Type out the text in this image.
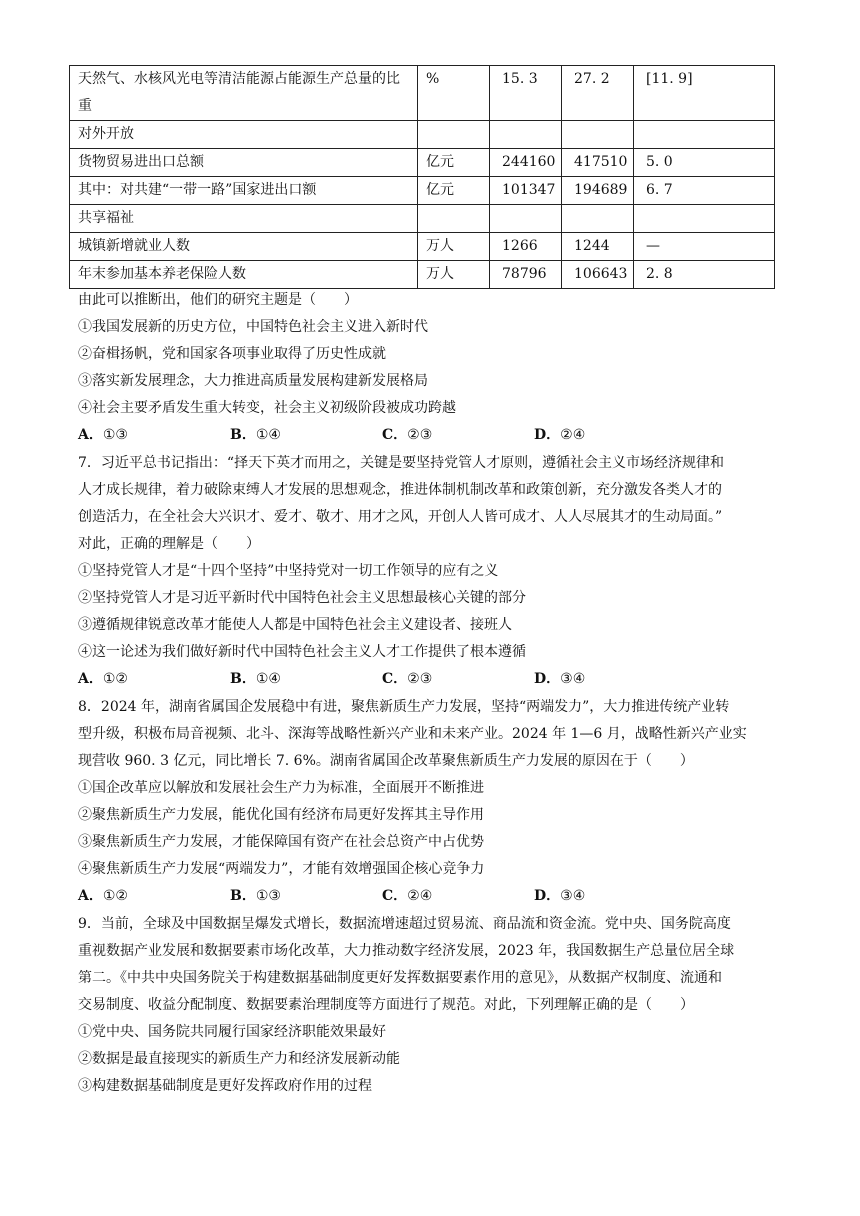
天然气、水核风光电等清洁能源占能源生产总量的比重	%	15. 3	27. 2	[11. 9]
对外开放				
货物贸易进出口总额	亿元	244160	417510	5. 0
其中：对共建“一带一路”国家进出口额	亿元	101347	194689	6. 7
共享福祉				
城镇新增就业人数	万人	1266	1244	—
年末参加基本养老保险人数	万人	78796	106643	2. 8
由此可以推断出，他们的研究主题是（　　）
①我国发展新的历史方位，中国特色社会主义进入新时代
②奋楫扬帆，党和国家各项事业取得了历史性成就
③落实新发展理念，大力推进高质量发展构建新发展格局
④社会主要矛盾发生重大转变，社会主义初级阶段被成功跨越
A．①③	B．①④	C．②③	D．②④
7．习近平总书记指出：“择天下英才而用之，关键是要坚持党管人才原则，遵循社会主义市场经济规律和
人才成长规律，着力破除束缚人才发展的思想观念，推进体制机制改革和政策创新，充分激发各类人才的
创造活力，在全社会大兴识才、爱才、敬才、用才之风，开创人人皆可成才、人人尽展其才的生动局面。”
对此，正确的理解是（　　）
①坚持党管人才是“十四个坚持”中坚持党对一切工作领导的应有之义
②坚持党管人才是习近平新时代中国特色社会主义思想最核心关键的部分
③遵循规律锐意改革才能使人人都是中国特色社会主义建设者、接班人
④这一论述为我们做好新时代中国特色社会主义人才工作提供了根本遵循
A．①②	B．①④	C．②③	D．③④
8．2024 年，湖南省属国企发展稳中有进，聚焦新质生产力发展，坚持“两端发力”，大力推进传统产业转
型升级，积极布局音视频、北斗、深海等战略性新兴产业和未来产业。2024 年 1—6 月，战略性新兴产业实
现营收 960. 3 亿元，同比增长 7. 6%。湖南省属国企改革聚焦新质生产力发展的原因在于（　　）
①国企改革应以解放和发展社会生产力为标准，全面展开不断推进
②聚焦新质生产力发展，能优化国有经济布局更好发挥其主导作用
③聚焦新质生产力发展，才能保障国有资产在社会总资产中占优势
④聚焦新质生产力发展“两端发力”，才能有效增强国企核心竞争力
A．①②	B．①③	C．②④	D．③④
9．当前，全球及中国数据呈爆发式增长，数据流增速超过贸易流、商品流和资金流。党中央、国务院高度
重视数据产业发展和数据要素市场化改革，大力推动数字经济发展，2023 年，我国数据生产总量位居全球
第二。《中共中央国务院关于构建数据基础制度更好发挥数据要素作用的意见》，从数据产权制度、流通和
交易制度、收益分配制度、数据要素治理制度等方面进行了规范。对此，下列理解正确的是（　　）
①党中央、国务院共同履行国家经济职能效果最好
②数据是最直接现实的新质生产力和经济发展新动能
③构建数据基础制度是更好发挥政府作用的过程
